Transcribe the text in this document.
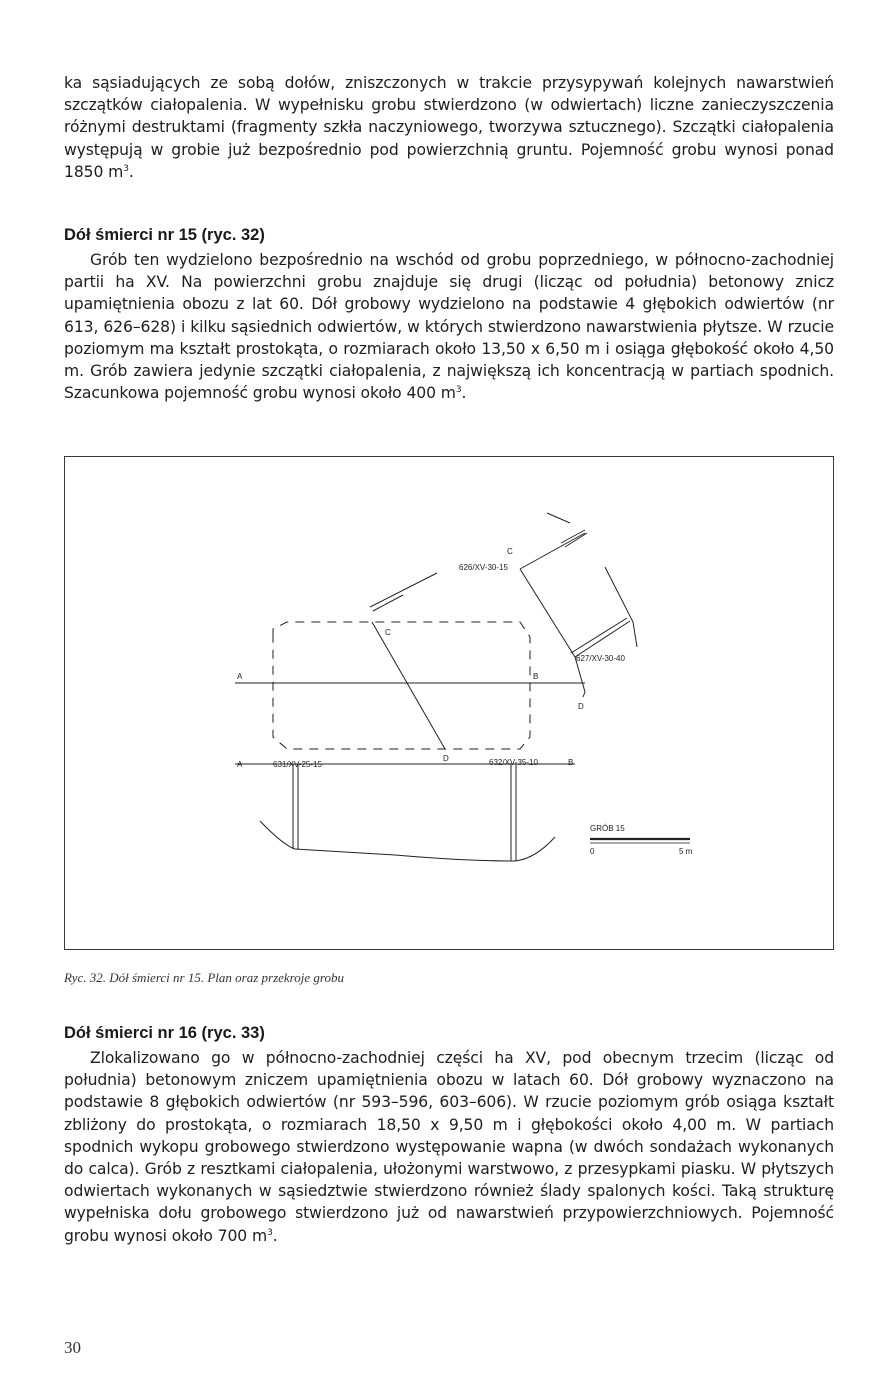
ka sąsiadujących ze sobą dołów, zniszczonych w trakcie przysypywań kolejnych nawarstwień szczątków ciałopalenia. W wypełnisku grobu stwierdzono (w odwiertach) liczne zanieczyszczenia różnymi destruktami (fragmenty szkła naczyniowego, tworzywa sztucznego). Szczątki ciałopalenia występują w grobie już bezpośrednio pod powierzchnią gruntu. Pojemność grobu wynosi ponad 1850 $m^3$.

Dół śmierci nr 15 (ryc. 32)

Grób ten wydzielono bezpośrednio na wschód od grobu poprzedniego, w północno-zachodniej partii ha XV. Na powierzchni grobu znajduje się drugi (licząc od południa) betonowy znicz upamiętnienia obozu z lat 60. Dół grobowy wydzielono na podstawie 4 głębokich odwiertów (nr 613, 626–628) i kilku sąsiednich odwiertów, w których stwierdzono nawarstwienia płytsze. W rzucie poziomym ma kształt prostokąta, o rozmiarach około 13,50 x 6,50 m i osiąga głębokość około 4,50 m. Grób zawiera jedynie szczątki ciałopalenia, z największą ich koncentracją w partiach spodnich. Szacunkowa pojemność grobu wynosi około 400 $m^3$.

C
626/XV-30-15
C
627/XV-30-40
A	B
D
D
A	631/XV-25-15	632/XV-35-10	B
GRÓB 15
0	5 m
Ryc. 32. Dół śmierci nr 15. Plan oraz przekroje grobu

Dół śmierci nr 16 (ryc. 33)

Zlokalizowano go w północno-zachodniej części ha XV, pod obecnym trzecim (licząc od południa) betonowym zniczem upamiętnienia obozu w latach 60. Dół grobowy wyznaczono na podstawie 8 głębokich odwiertów (nr 593–596, 603–606). W rzucie poziomym grób osiąga kształt zbliżony do prostokąta, o rozmiarach 18,50 x 9,50 m i głębokości około 4,00 m. W partiach spodnich wykopu grobowego stwierdzono występowanie wapna (w dwóch sondażach wykonanych do calca). Grób z resztkami ciałopalenia, ułożonymi warstwowo, z przesypkami piasku. W płytszych odwiertach wykonanych w sąsiedztwie stwierdzono również ślady spalonych kości. Taką strukturę wypełniska dołu grobowego stwierdzono już od nawarstwień przypowierzchniowych. Pojemność grobu wynosi około 700 $m^3$.

30
